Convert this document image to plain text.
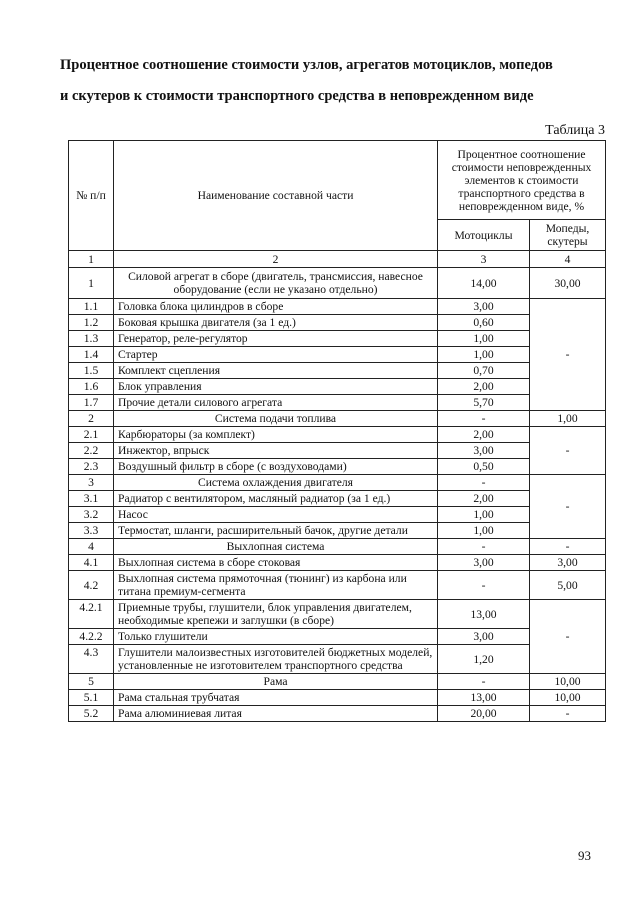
Процентное соотношение стоимости узлов, агрегатов мотоциклов, мопедов
и скутеров к стоимости транспортного средства в неповрежденном виде
Таблица 3
№ п/п	Наименование составной части	Процентное соотношение стоимости неповрежденных элементов к стоимости транспортного средства в неповрежденном виде, %	
		Мотоциклы	Мопеды, скутеры
1	2	3	4
1	Силовой агрегат в сборе (двигатель, трансмиссия, навесное оборудование (если не указано отдельно)	14,00	30,00
1.1	Головка блока цилиндров в сборе	3,00	-
1.2	Боковая крышка двигателя (за 1 ед.)	0,60	
1.3	Генератор, реле-регулятор	1,00	
1.4	Стартер	1,00	
1.5	Комплект сцепления	0,70	
1.6	Блок управления	2,00	
1.7	Прочие детали силового агрегата	5,70	
2	Система подачи топлива	-	1,00
2.1	Карбюраторы (за комплект)	2,00	-
2.2	Инжектор, впрыск	3,00	
2.3	Воздушный фильтр в сборе (с воздуховодами)	0,50	
3	Система охлаждения двигателя	-	-
3.1	Радиатор с вентилятором, масляный радиатор (за 1 ед.)	2,00	
3.2	Насос	1,00	
3.3	Термостат, шланги, расширительный бачок, другие детали	1,00	
4	Выхлопная система	-	-
4.1	Выхлопная система в сборе стоковая	3,00	3,00
4.2	Выхлопная система прямоточная (тюнинг) из карбона или титана премиум-сегмента	-	5,00
4.2.1	Приемные трубы, глушители, блок управления двигателем, необходимые крепежи и заглушки (в сборе)	13,00	-
4.2.2	Только глушители	3,00	
4.3	Глушители малоизвестных изготовителей бюджетных моделей, установленные не изготовителем транспортного средства	1,20	
5	Рама	-	10,00
5.1	Рама стальная трубчатая	13,00	10,00
5.2	Рама алюминиевая литая	20,00	-
93
